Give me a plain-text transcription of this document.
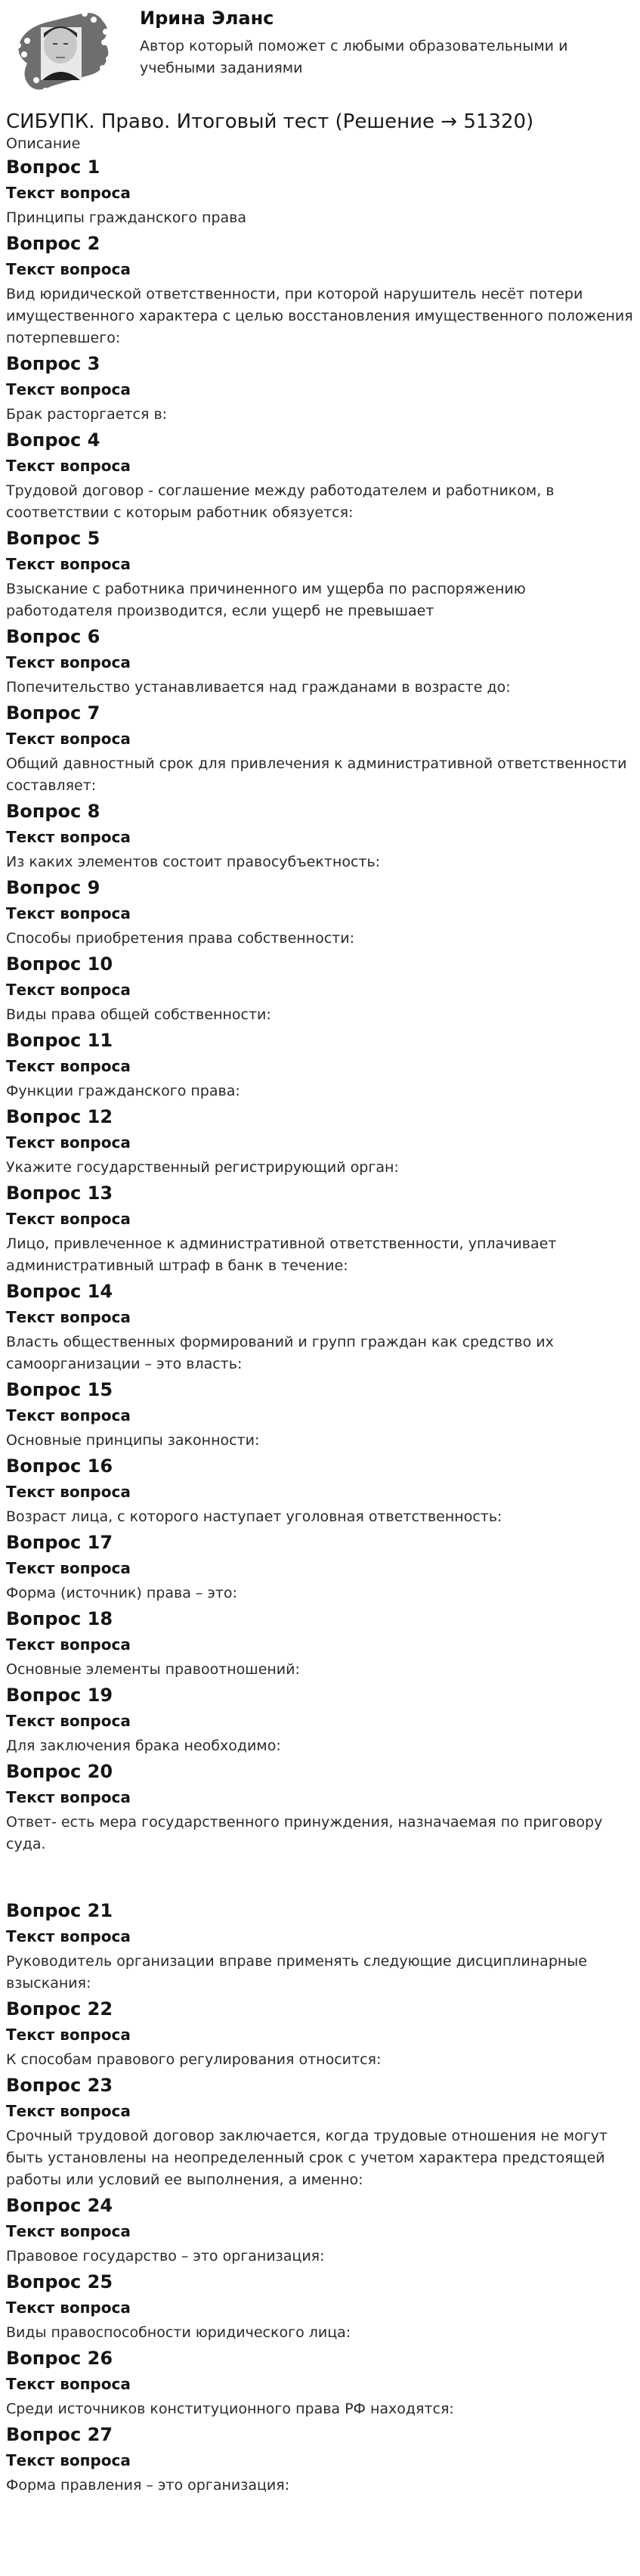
Ирина Эланс

Автор который поможет с любыми образовательными и учебными заданиями

СИБУПК. Право. Итоговый тест (Решение → 51320)

Описание

Вопрос 1
Текст вопроса

Принципы гражданского права

Вопрос 2
Текст вопроса

Вид юридической ответственности, при которой нарушитель несёт потери имущественного характера с целью восстановления имущественного положения потерпевшего:

Вопрос 3
Текст вопроса

Брак расторгается в:

Вопрос 4
Текст вопроса

Трудовой договор - соглашение между работодателем и работником, в соответствии с которым работник обязуется:

Вопрос 5
Текст вопроса

Взыскание с работника причиненного им ущерба по распоряжению работодателя производится, если ущерб не превышает

Вопрос 6
Текст вопроса

Попечительство устанавливается над гражданами в возрасте до:

Вопрос 7
Текст вопроса

Общий давностный срок для привлечения к административной ответственности составляет:

Вопрос 8
Текст вопроса

Из каких элементов состоит правосубъектность:

Вопрос 9
Текст вопроса

Способы приобретения права собственности:

Вопрос 10
Текст вопроса

Виды права общей собственности:

Вопрос 11
Текст вопроса

Функции гражданского права:

Вопрос 12
Текст вопроса

Укажите государственный регистрирующий орган:

Вопрос 13
Текст вопроса

Лицо, привлеченное к административной ответственности, уплачивает административный штраф в банк в течение:

Вопрос 14
Текст вопроса

Власть общественных формирований и групп граждан как средство их самоорганизации – это власть:

Вопрос 15
Текст вопроса

Основные принципы законности:

Вопрос 16
Текст вопроса

Возраст лица, с которого наступает уголовная ответственность:

Вопрос 17
Текст вопроса

Форма (источник) права – это:

Вопрос 18
Текст вопроса

Основные элементы правоотношений:

Вопрос 19
Текст вопроса

Для заключения брака необходимо:

Вопрос 20
Текст вопроса

Ответ- есть мера государственного принуждения, назначаемая по приговору суда.

Вопрос 21
Текст вопроса

Руководитель организации вправе применять следующие дисциплинарные взыскания:

Вопрос 22
Текст вопроса

К способам правового регулирования относится:

Вопрос 23
Текст вопроса

Срочный трудовой договор заключается, когда трудовые отношения не могут быть установлены на неопределенный срок с учетом характера предстоящей работы или условий ее выполнения, а именно:

Вопрос 24
Текст вопроса

Правовое государство – это организация:

Вопрос 25
Текст вопроса

Виды правоспособности юридического лица:

Вопрос 26
Текст вопроса

Среди источников конституционного права РФ находятся:

Вопрос 27
Текст вопроса

Форма правления – это организация:
